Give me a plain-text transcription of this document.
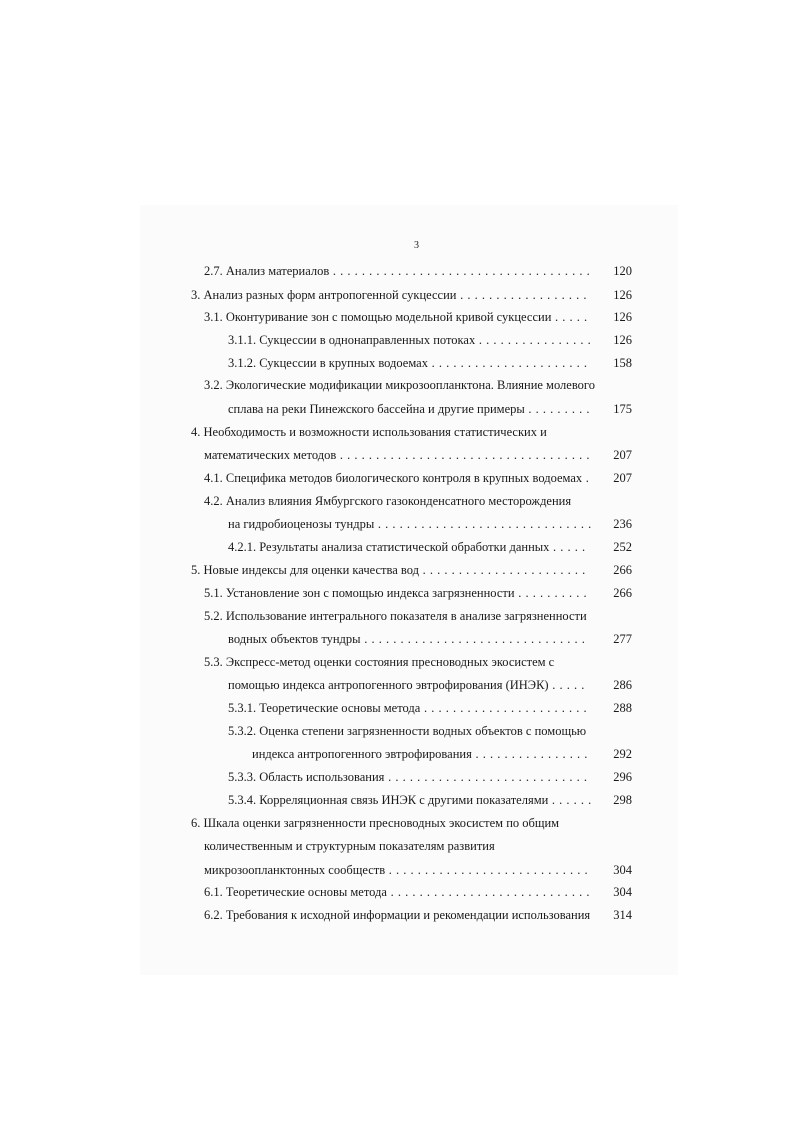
3
2.7. Анализ материалов . . . . . . . . . . . . . . . . . . . . . . . . . . . . . . . . . . . .	120
3. Анализ разных форм антропогенной сукцессии . . . . . . . . . . . . . . . . . .	126
3.1. Оконтуривание зон с помощью модельной кривой сукцессии . . . . .	126
3.1.1. Сукцессии в однонаправленных потоках . . . . . . . . . . . . . . . .	126
3.1.2. Сукцессии в крупных водоемах . . . . . . . . . . . . . . . . . . . . . .	158
3.2. Экологические модификации микрозоопланктона. Влияние молевого
сплава на реки Пинежского бассейна и другие примеры . . . . . . . . .	175
4. Необходимость и возможности использования статистических и
математических методов . . . . . . . . . . . . . . . . . . . . . . . . . . . . . . . . . . .	207
4.1. Специфика методов биологического контроля в крупных водоемах .	207
4.2. Анализ влияния Ямбургского газоконденсатного месторождения
на гидробиоценозы тундры . . . . . . . . . . . . . . . . . . . . . . . . . . . . . .	236
4.2.1. Результаты анализа статистической обработки данных . . . . .	252
5. Новые индексы для оценки качества вод . . . . . . . . . . . . . . . . . . . . . . .	266
5.1. Установление зон с помощью индекса загрязненности . . . . . . . . . .	266
5.2. Использование интегрального показателя в анализе загрязненности
водных объектов тундры . . . . . . . . . . . . . . . . . . . . . . . . . . . . . . .	277
5.3. Экспресс-метод оценки состояния пресноводных экосистем с
помощью индекса антропогенного эвтрофирования (ИНЭК) . . . . .	286
5.3.1. Теоретические основы метода . . . . . . . . . . . . . . . . . . . . . . .	288
5.3.2. Оценка степени загрязненности водных объектов с помощью
индекса антропогенного эвтрофирования . . . . . . . . . . . . . . . .	292
5.3.3. Область использования . . . . . . . . . . . . . . . . . . . . . . . . . . . .	296
5.3.4. Корреляционная связь ИНЭК с другими показателями . . . . . .	298
6. Шкала оценки загрязненности пресноводных экосистем по общим
количественным и структурным показателям развития
микрозоопланктонных сообществ . . . . . . . . . . . . . . . . . . . . . . . . . . . .	304
6.1. Теоретические основы метода . . . . . . . . . . . . . . . . . . . . . . . . . . . .	304
6.2. Требования к исходной информации и рекомендации использования	314
